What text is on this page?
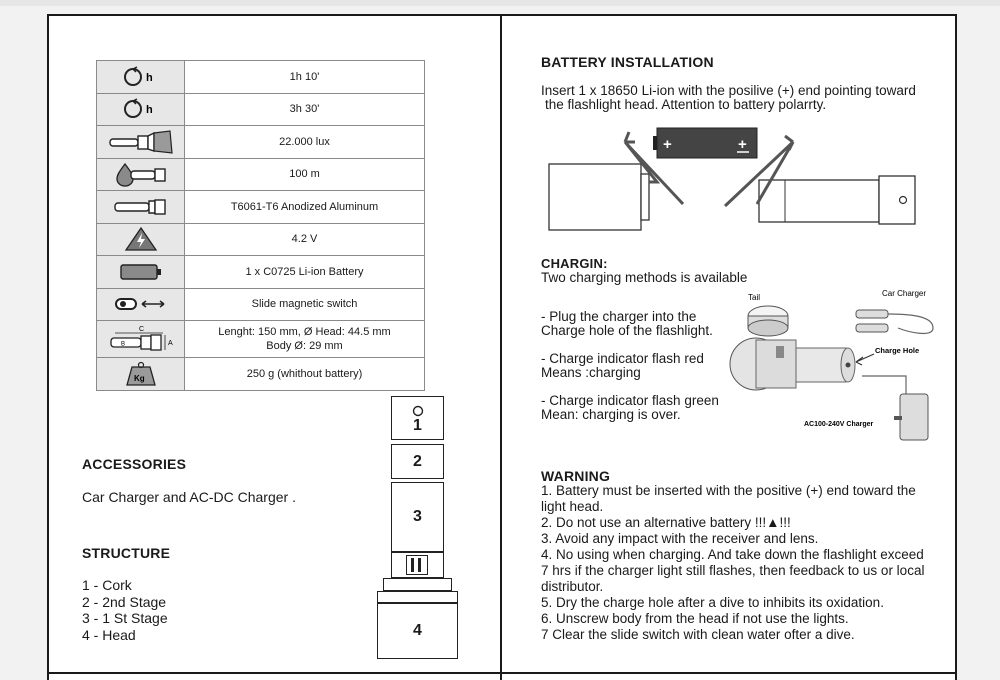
h	1h 10'

h	3h 30'

	22.000 lux

	100 m

	T6061-T6 Anodized Aluminum

	4.2 V

	1 x C0725 Li-ion Battery

	Slide magnetic switch

C
B A	Lenght: 150 mm, Ø Head: 44.5 mm
Body Ø: 29 mm

Kg	250 g (whithout battery)
ACCESSORIES
Car Charger and AC-DC Charger .
STRUCTURE
1 - Cork
2 - 2nd Stage
3 - 1 St Stage
4 - Head
1
2
3
4
BATTERY INSTALLATION
Insert 1 x 18650 Li-ion with the posilive (+) end pointing toward
the flashlight head. Attention to battery polarrty.
+	+
CHARGIN:
Two charging methods is available
- Plug the charger into the
Charge hole of the flashlight.
- Charge indicator flash red
Means :charging
- Charge indicator flash green
Mean: charging is over.
Tail	Car Charger
Charge Hole
AC100-240V Charger
WARNING
1. Battery must be inserted with the positive (+) end toward the
light head.
2. Do not use an alternative battery !!!▲!!!
3. Avoid any impact with the receiver and lens.
4. No using when charging. And take down the flashlight exceed
7 hrs if the charger light still flashes, then feedback to us or local
distributor.
5. Dry the charge hole after a dive to inhibits its oxidation.
6. Unscrew body from the head if not use the lights.
7 Clear the slide switch with clean water ofter a dive.
